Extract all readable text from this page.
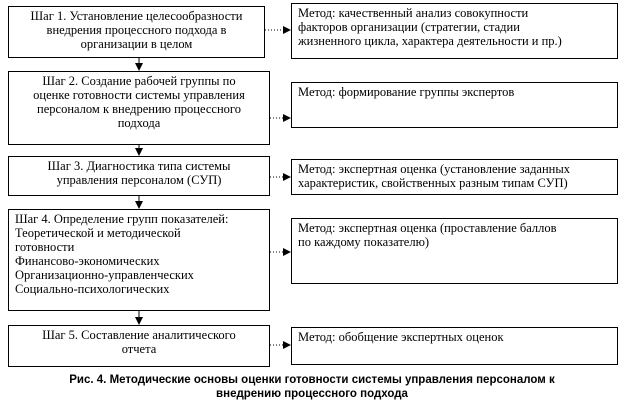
Шаг 1. Установление целесообразности
внедрения процессного подхода в
организации в целом
Шаг 2. Создание рабочей группы по
оценке готовности системы управления
персоналом к внедрению процессного
подхода
Шаг 3. Диагностика типа системы
управления персоналом (СУП)
Шаг 4. Определение групп показателей:
Теоретической и методической
готовности
Финансово-экономических
Организационно-управленческих
Социально-психологических
Шаг 5. Составление аналитического
отчета
Метод: качественный анализ совокупности
факторов организации (стратегии, стадии
жизненного цикла, характера деятельности и пр.)
Метод: формирование группы экспертов
Метод: экспертная оценка (установление заданных
характеристик, свойственных разным типам СУП)
Метод: экспертная оценка (проставление баллов
по каждому показателю)
Метод: обобщение экспертных оценок
Рис. 4. Методические основы оценки готовности системы управления персоналом к
внедрению процессного подхода
